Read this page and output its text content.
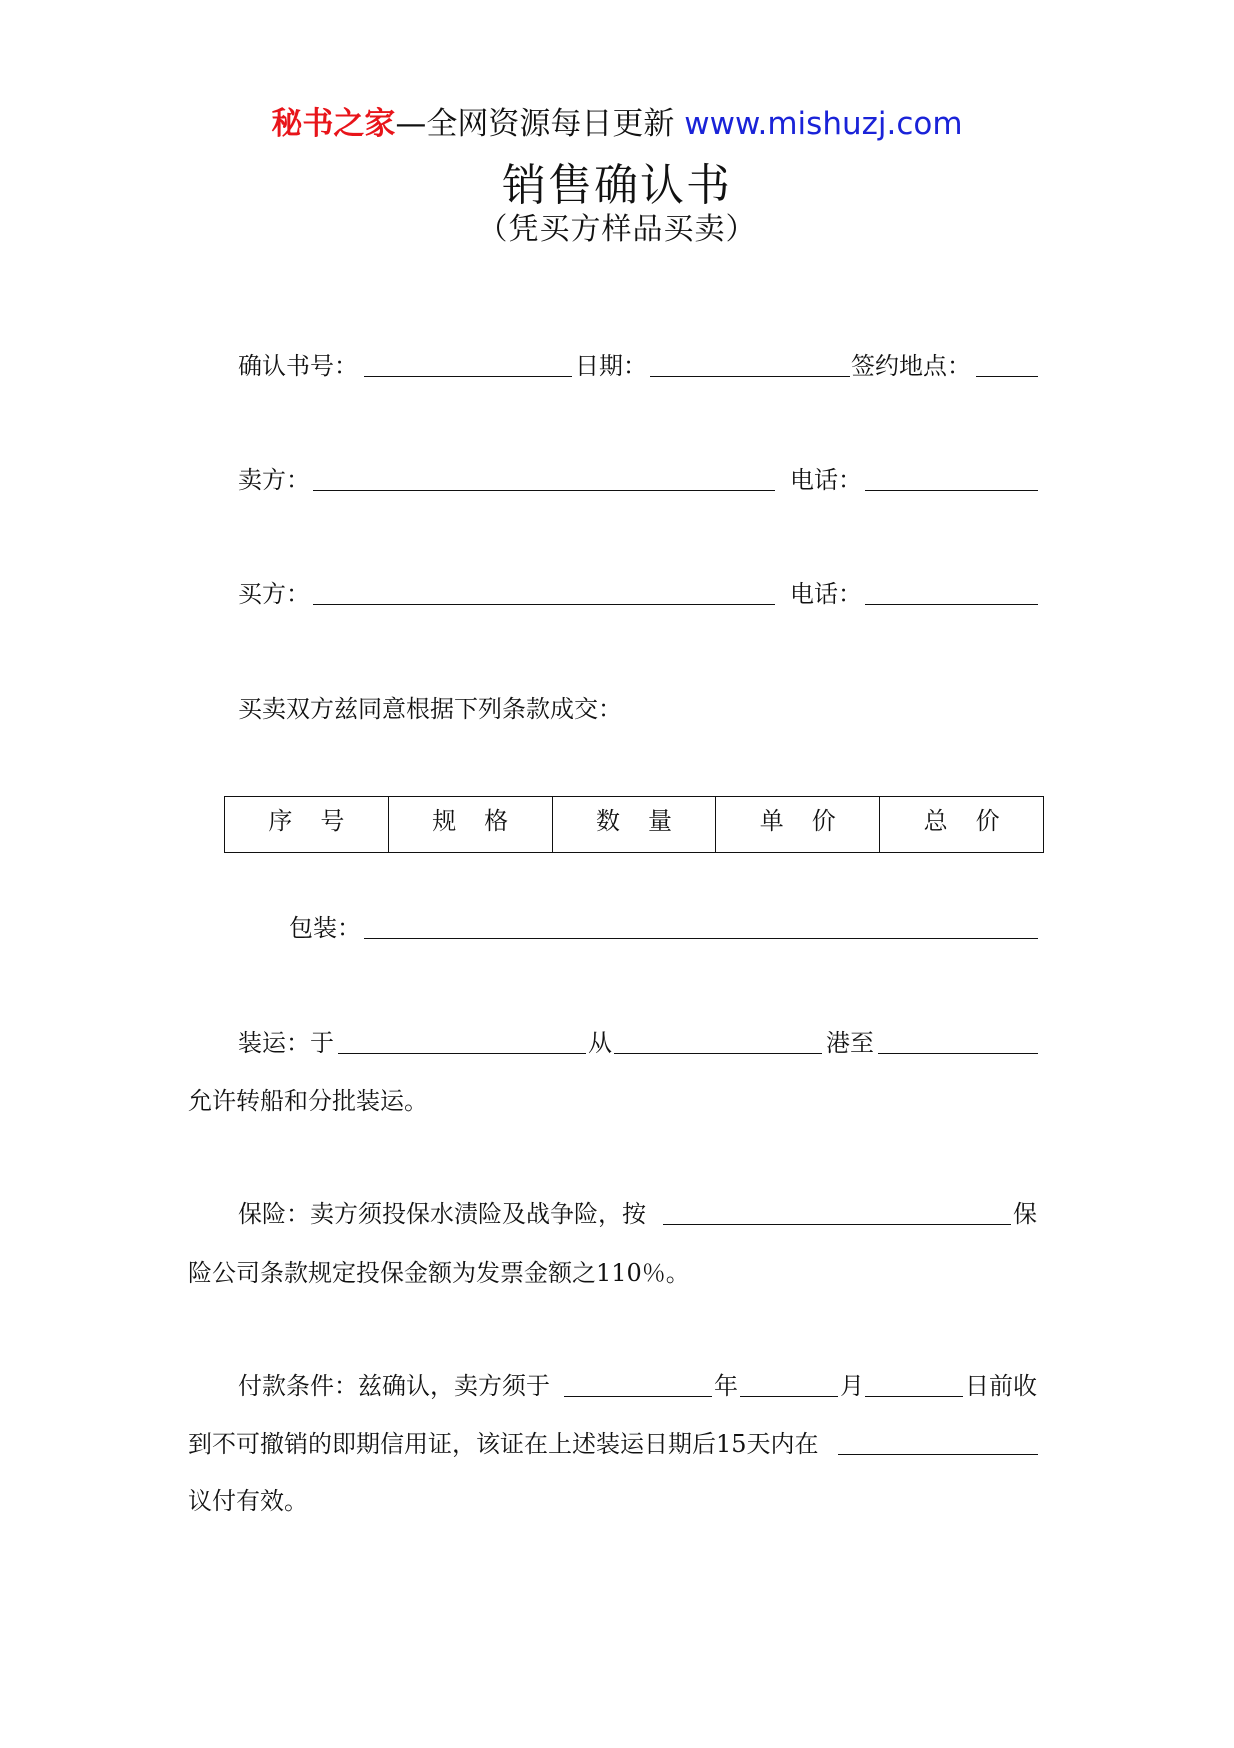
秘书之家—全网资源每日更新 www.mishuzj.com
销售确认书
（凭买方样品买卖）
确认书号：	日期：	签约地点：
卖方：	电话：
买方：	电话：
买卖双方兹同意根据下列条款成交：
序号	规格	数量	单价	总价
包装：
装运：于	从	港至
允许转船和分批装运。
保险：卖方须投保水渍险及战争险，按	保
险公司条款规定投保金额为发票金额之110％。
付款条件：兹确认，卖方须于	年	月	日前收
到不可撤销的即期信用证，该证在上述装运日期后15天内在
议付有效。
